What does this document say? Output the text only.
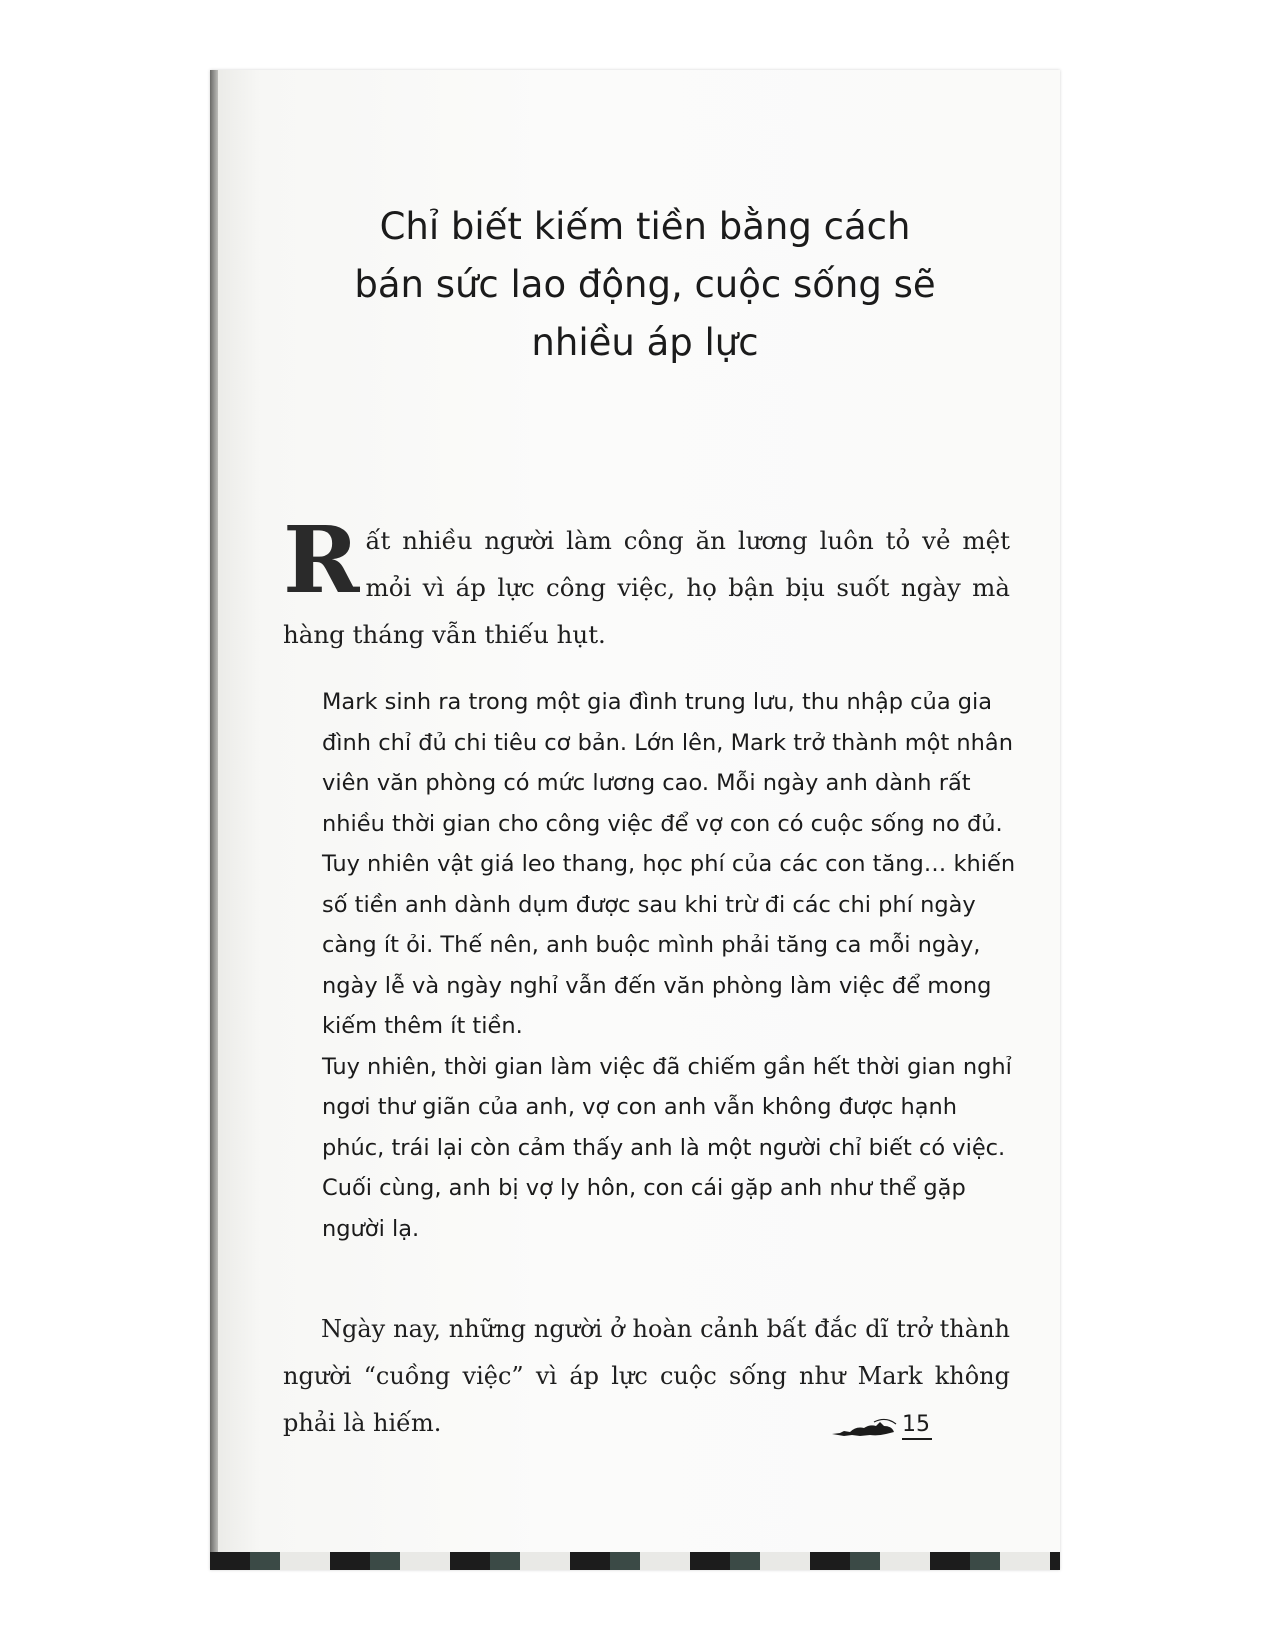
Chỉ biết kiếm tiền bằng cách
bán sức lao động, cuộc sống sẽ
nhiều áp lực
Rất nhiều người làm công ăn lương luôn tỏ vẻ mệt mỏi vì áp lực công việc, họ bận bịu suốt ngày mà hàng tháng vẫn thiếu hụt.

Mark sinh ra trong một gia đình trung lưu, thu nhập của gia đình chỉ đủ chi tiêu cơ bản. Lớn lên, Mark trở thành một nhân viên văn phòng có mức lương cao. Mỗi ngày anh dành rất nhiều thời gian cho công việc để vợ con có cuộc sống no đủ. Tuy nhiên vật giá leo thang, học phí của các con tăng… khiến số tiền anh dành dụm được sau khi trừ đi các chi phí ngày càng ít ỏi. Thế nên, anh buộc mình phải tăng ca mỗi ngày, ngày lễ và ngày nghỉ vẫn đến văn phòng làm việc để mong kiếm thêm ít tiền.

Tuy nhiên, thời gian làm việc đã chiếm gần hết thời gian nghỉ ngơi thư giãn của anh, vợ con anh vẫn không được hạnh phúc, trái lại còn cảm thấy anh là một người chỉ biết có việc. Cuối cùng, anh bị vợ ly hôn, con cái gặp anh như thể gặp người lạ.

Ngày nay, những người ở hoàn cảnh bất đắc dĩ trở thành người “cuồng việc” vì áp lực cuộc sống như Mark không phải là hiếm.	15
